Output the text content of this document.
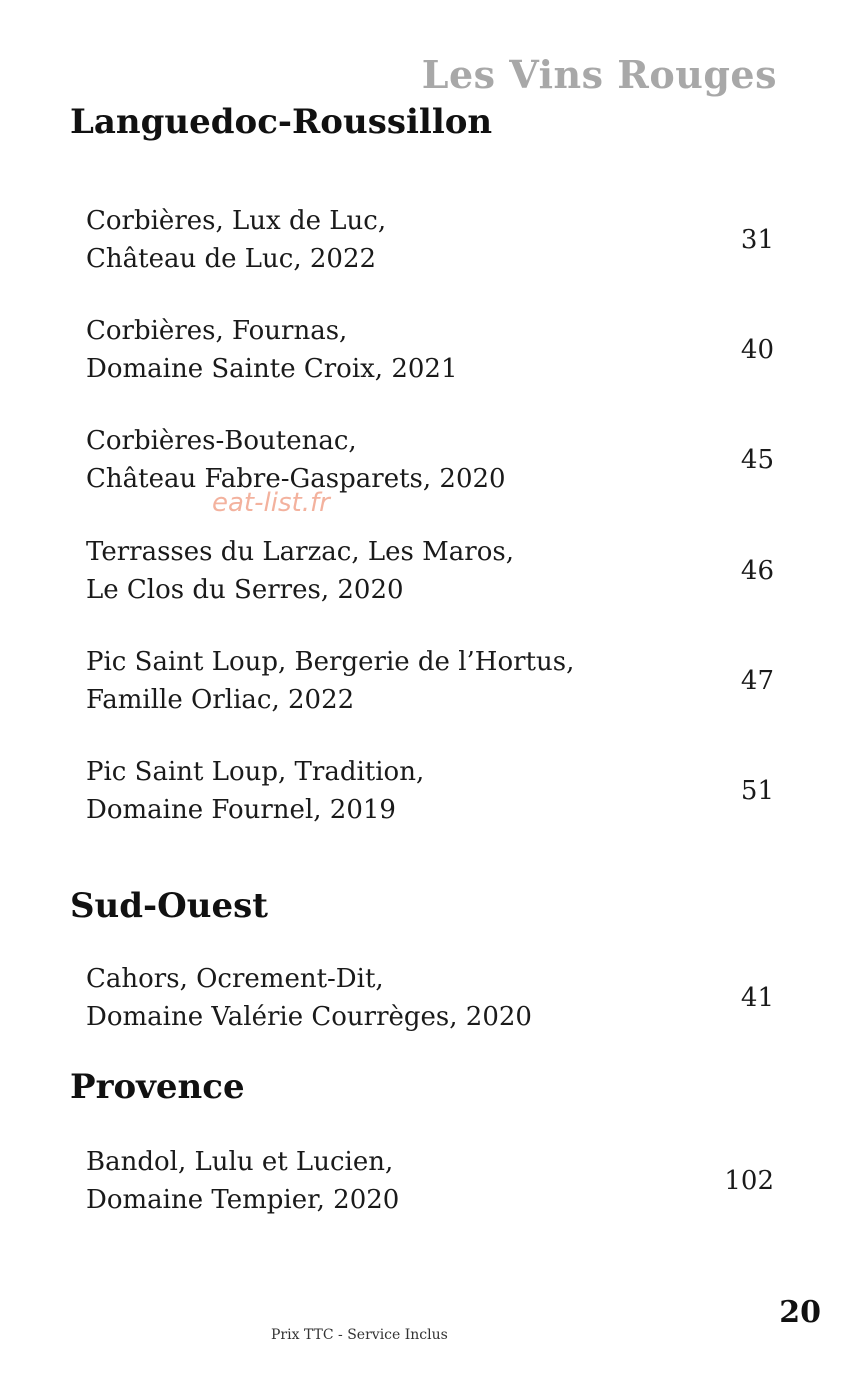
Les Vins Rouges
Languedoc-Roussillon
Corbières, Lux de Luc,
Château de Luc, 2022
31
Corbières, Fournas,
Domaine Sainte Croix, 2021
40
Corbières-Boutenac,
Château Fabre-Gasparets, 2020
45
Terrasses du Larzac, Les Maros,
Le Clos du Serres, 2020
46
Pic Saint Loup, Bergerie de l’Hortus,
Famille Orliac, 2022
47
Pic Saint Loup, Tradition,
Domaine Fournel, 2019
51
Sud-Ouest
Cahors, Ocrement-Dit,
Domaine Valérie Courrèges, 2020
41
Provence
Bandol, Lulu et Lucien,
Domaine Tempier, 2020
102
eat-list.fr
Prix TTC - Service Inclus
20
